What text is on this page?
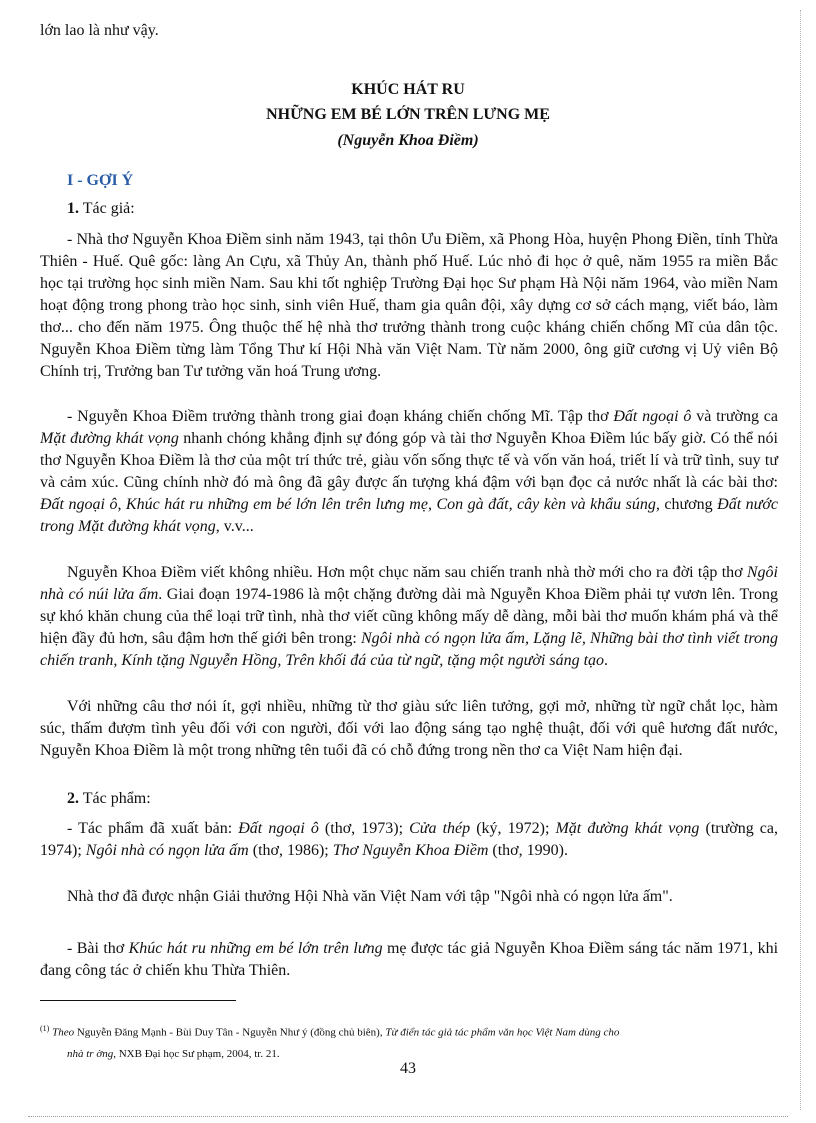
lớn lao là như vậy.

KHÚC HÁT RU

NHỮNG EM BÉ LỚN TRÊN LƯNG MẸ

(Nguyễn Khoa Điềm)

I - GỢI Ý

1. Tác giả:

- Nhà thơ Nguyễn Khoa Điềm sinh năm 1943, tại thôn Ưu Điềm, xã Phong Hòa, huyện Phong Điền, tỉnh Thừa Thiên - Huế. Quê gốc: làng An Cựu, xã Thủy An, thành phố Huế. Lúc nhỏ đi học ở quê, năm 1955 ra miền Bắc học tại trường học sinh miền Nam. Sau khi tốt nghiệp Trường Đại học Sư phạm Hà Nội năm 1964, vào miền Nam hoạt động trong phong trào học sinh, sinh viên Huế, tham gia quân đội, xây dựng cơ sở cách mạng, viết báo, làm thơ... cho đến năm 1975. Ông thuộc thế hệ nhà thơ trưởng thành trong cuộc kháng chiến chống Mĩ của dân tộc. Nguyễn Khoa Điềm từng làm Tổng Thư kí Hội Nhà văn Việt Nam. Từ năm 2000, ông giữ cương vị Uỷ viên Bộ Chính trị, Trưởng ban Tư tưởng văn hoá Trung ương.

- Nguyễn Khoa Điềm trưởng thành trong giai đoạn kháng chiến chống Mĩ. Tập thơ Đất ngoại ô và trường ca Mặt đường khát vọng nhanh chóng khẳng định sự đóng góp và tài thơ Nguyễn Khoa Điềm lúc bấy giờ. Có thể nói thơ Nguyễn Khoa Điềm là thơ của một trí thức trẻ, giàu vốn sống thực tế và vốn văn hoá, triết lí và trữ tình, suy tư và cảm xúc. Cũng chính nhờ đó mà ông đã gây được ấn tượng khá đậm với bạn đọc cả nước nhất là các bài thơ: Đất ngoại ô, Khúc hát ru những em bé lớn lên trên lưng mẹ, Con gà đất, cây kèn và khẩu súng, chương Đất nước trong Mặt đường khát vọng, v.v...

Nguyễn Khoa Điềm viết không nhiều. Hơn một chục năm sau chiến tranh nhà thờ mới cho ra đời tập thơ Ngôi nhà có núi lửa ấm. Giai đoạn 1974-1986 là một chặng đường dài mà Nguyễn Khoa Điềm phải tự vươn lên. Trong sự khó khăn chung của thể loại trữ tình, nhà thơ viết cũng không mấy dễ dàng, mỗi bài thơ muốn khám phá và thể hiện đầy đủ hơn, sâu đậm hơn thế giới bên trong: Ngôi nhà có ngọn lửa ấm, Lặng lẽ, Những bài thơ tình viết trong chiến tranh, Kính tặng Nguyễn Hồng, Trên khối đá của từ ngữ, tặng một người sáng tạo.

Với những câu thơ nói ít, gợi nhiều, những từ thơ giàu sức liên tưởng, gợi mở, những từ ngữ chắt lọc, hàm súc, thấm đượm tình yêu đối với con người, đối với lao động sáng tạo nghệ thuật, đối với quê hương đất nước, Nguyễn Khoa Điềm là một trong những tên tuổi đã có chỗ đứng trong nền thơ ca Việt Nam hiện đại.

2. Tác phẩm:

- Tác phẩm đã xuất bản: Đất ngoại ô (thơ, 1973); Cửa thép (ký, 1972); Mặt đường khát vọng (trường ca, 1974); Ngôi nhà có ngọn lửa ấm (thơ, 1986); Thơ Nguyễn Khoa Điềm (thơ, 1990).

Nhà thơ đã được nhận Giải thưởng Hội Nhà văn Việt Nam với tập "Ngôi nhà có ngọn lửa ấm".

- Bài thơ Khúc hát ru những em bé lớn trên lưng mẹ được tác giả Nguyễn Khoa Điềm sáng tác năm 1971, khi đang công tác ở chiến khu Thừa Thiên.

$^{(1)}$ Theo Nguyễn Đăng Mạnh - Bùi Duy Tân - Nguyễn Như ý (đồng chủ biên), Từ điển tác giả tác phẩm văn học Việt Nam dùng cho
nhà tr ờng, NXB Đại học Sư phạm, 2004, tr. 21.

43
